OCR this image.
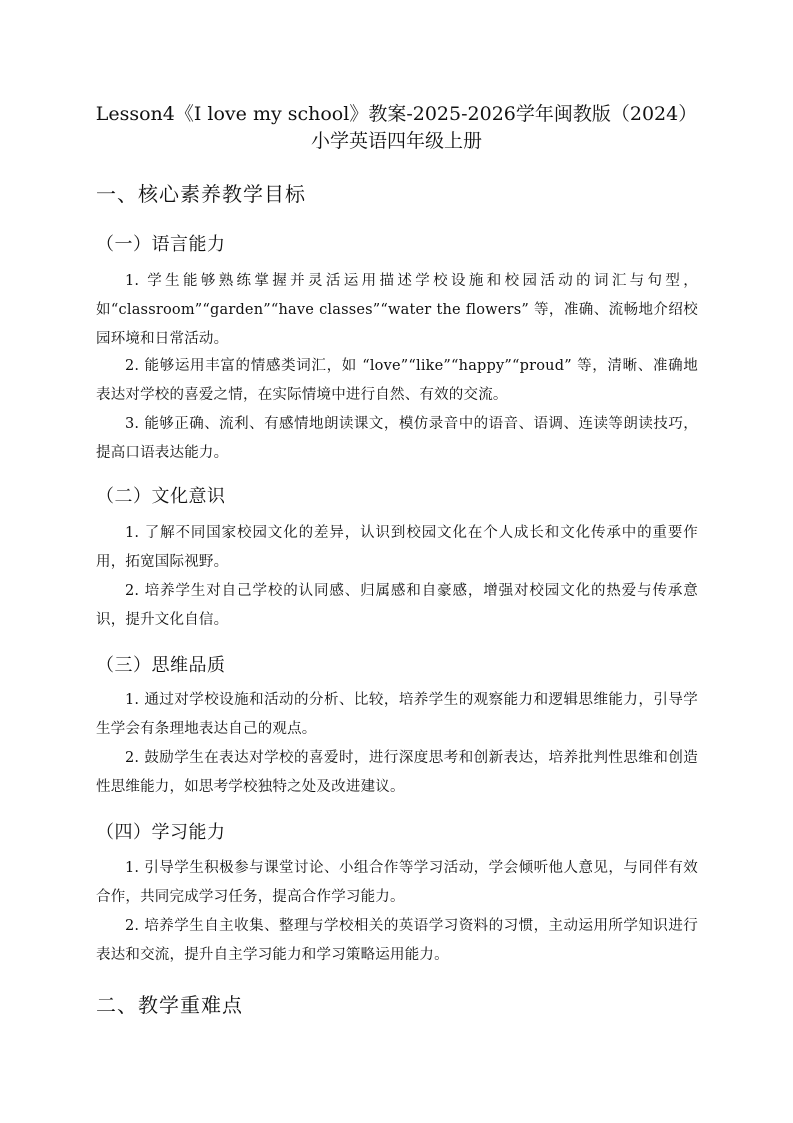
Lesson4《I love my school》教案-2025-2026学年闽教版（2024）
小学英语四年级上册
一、核心素养教学目标
（一）语言能力
1. 学生能够熟练掌握并灵活运用描述学校设施和校园活动的词汇与句型，如“classroom”“garden”“have classes”“water the flowers” 等，准确、流畅地介绍校园环境和日常活动。
2. 能够运用丰富的情感类词汇，如 “love”“like”“happy”“proud” 等，清晰、准确地表达对学校的喜爱之情，在实际情境中进行自然、有效的交流。
3. 能够正确、流利、有感情地朗读课文，模仿录音中的语音、语调、连读等朗读技巧，提高口语表达能力。
（二）文化意识
1. 了解不同国家校园文化的差异，认识到校园文化在个人成长和文化传承中的重要作用，拓宽国际视野。
2. 培养学生对自己学校的认同感、归属感和自豪感，增强对校园文化的热爱与传承意识，提升文化自信。
（三）思维品质
1. 通过对学校设施和活动的分析、比较，培养学生的观察能力和逻辑思维能力，引导学生学会有条理地表达自己的观点。
2. 鼓励学生在表达对学校的喜爱时，进行深度思考和创新表达，培养批判性思维和创造性思维能力，如思考学校独特之处及改进建议。
（四）学习能力
1. 引导学生积极参与课堂讨论、小组合作等学习活动，学会倾听他人意见，与同伴有效合作，共同完成学习任务，提高合作学习能力。
2. 培养学生自主收集、整理与学校相关的英语学习资料的习惯，主动运用所学知识进行表达和交流，提升自主学习能力和学习策略运用能力。
二、教学重难点
